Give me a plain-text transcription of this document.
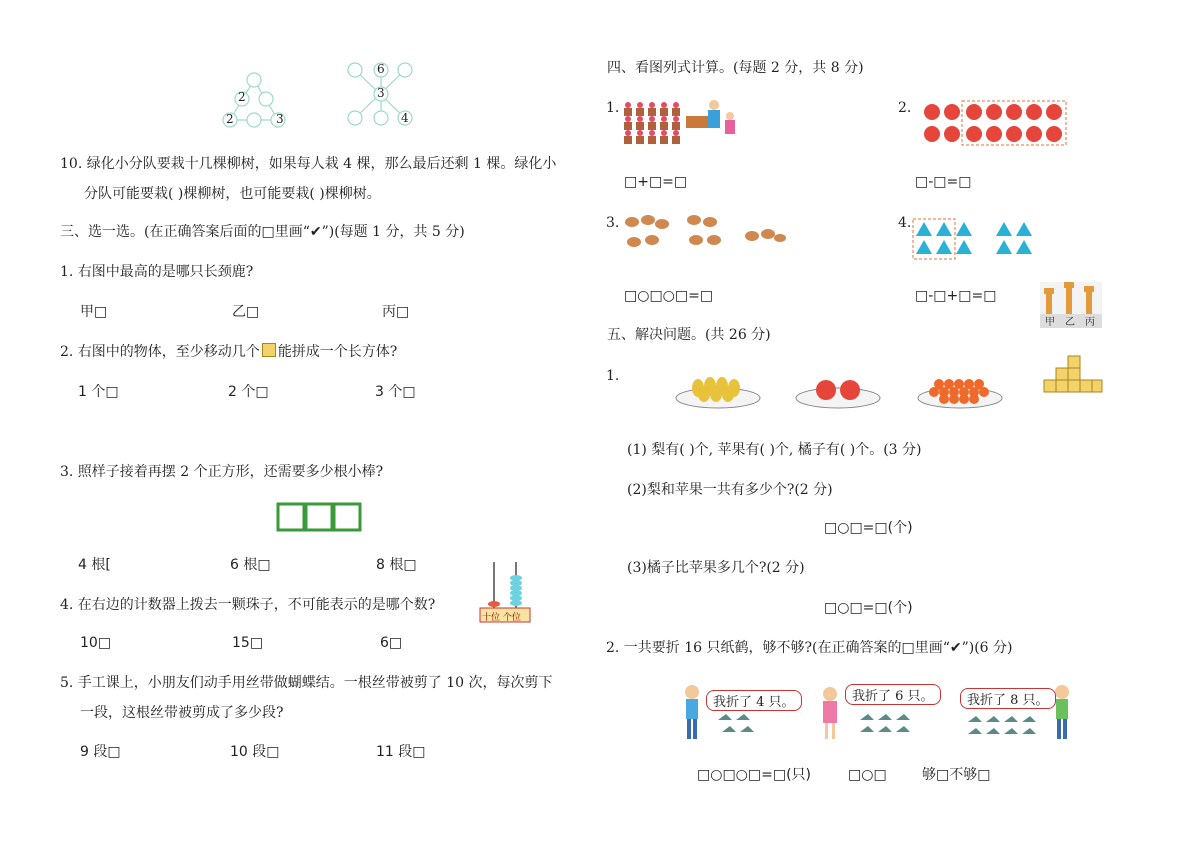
2
2	3
6
3
4
10. 绿化小分队要栽十几棵柳树，如果每人栽 4 棵，那么最后还剩 1 棵。绿化小
分队可能要栽( )棵柳树，也可能要栽( )棵柳树。
三、选一选。(在正确答案后面的□里画“✔”)(每题 1 分，共 5 分)
1. 右图中最高的是哪只长颈鹿?
甲□	乙□	丙□
2. 右图中的物体，至少移动几个 能拼成一个长方体?
1 个□	2 个□	3 个□
3. 照样子接着再摆 2 个正方形，还需要多少根小棒?
4 根[	6 根□	8 根□
十位 个位
4. 在右边的计数器上拨去一颗珠子，不可能表示的是哪个数?
10□	15□	6□
5. 手工课上，小朋友们动手用丝带做蝴蝶结。一根丝带被剪了 10 次，每次剪下
一段，这根丝带被剪成了多少段?
9 段□	10 段□	11 段□
四、看图列式计算。(每题 2 分，共 8 分)
1.
□+□=□
2.
□-□=□
3.
□○□○□=□
4.
□-□+□=□
甲 乙 丙
五、解决问题。(共 26 分)
1.
(1) 梨有( )个, 苹果有( )个, 橘子有( )个。(3 分)
(2)梨和苹果一共有多少个?(2 分)
□○□=□(个)
(3)橘子比苹果多几个?(2 分)
□○□=□(个)
2. 一共要折 16 只纸鹤，够不够?(在正确答案的□里画“✔”)(6 分)
我折了 4 只。	我折了 6 只。	我折了 8 只。
□○□○□=□(只)	□○□	够□不够□
